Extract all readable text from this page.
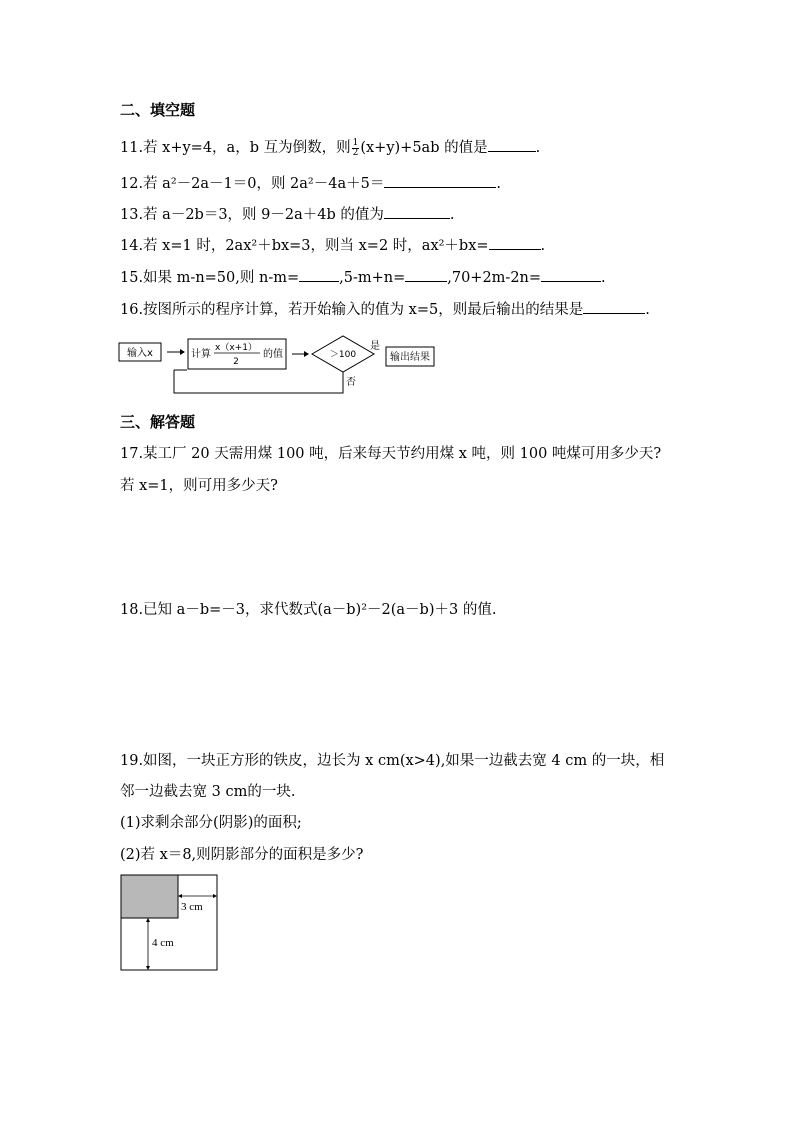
二、填空题
11.若 x+y=4，a，b 互为倒数，则 $\frac{1}{2} (x+y)+5ab$ 的值是	.
12.若 a²－2a－1＝0，则 2a²－4a＋5＝	.
13.若 a－2b＝3，则 9－2a＋4b 的值为	.
14.若 x=1 时，2ax²＋bx=3，则当 x=2 时，ax²＋bx=	.
15.如果 m-n=50,则 n-m=	,5-m+n=	,70+2m-2n=	.
16.按图所示的程序计算，若开始输入的值为 x=5，则最后输出的结果是	.
输入x	计算
x（x+1）
2
的值	＞100
是
输出结果
否
三、解答题
17.某工厂 20 天需用煤 100 吨，后来每天节约用煤 x 吨，则 100 吨煤可用多少天?
若 x=1，则可用多少天?
18.已知 a－b=－3，求代数式(a－b)²－2(a－b)＋3 的值.
19.如图，一块正方形的铁皮，边长为 x cm(x>4),如果一边截去宽 4 cm 的一块，相
邻一边截去宽 3 cm的一块.
(1)求剩余部分(阴影)的面积;
(2)若 x＝8,则阴影部分的面积是多少?
3 cm
4 cm
